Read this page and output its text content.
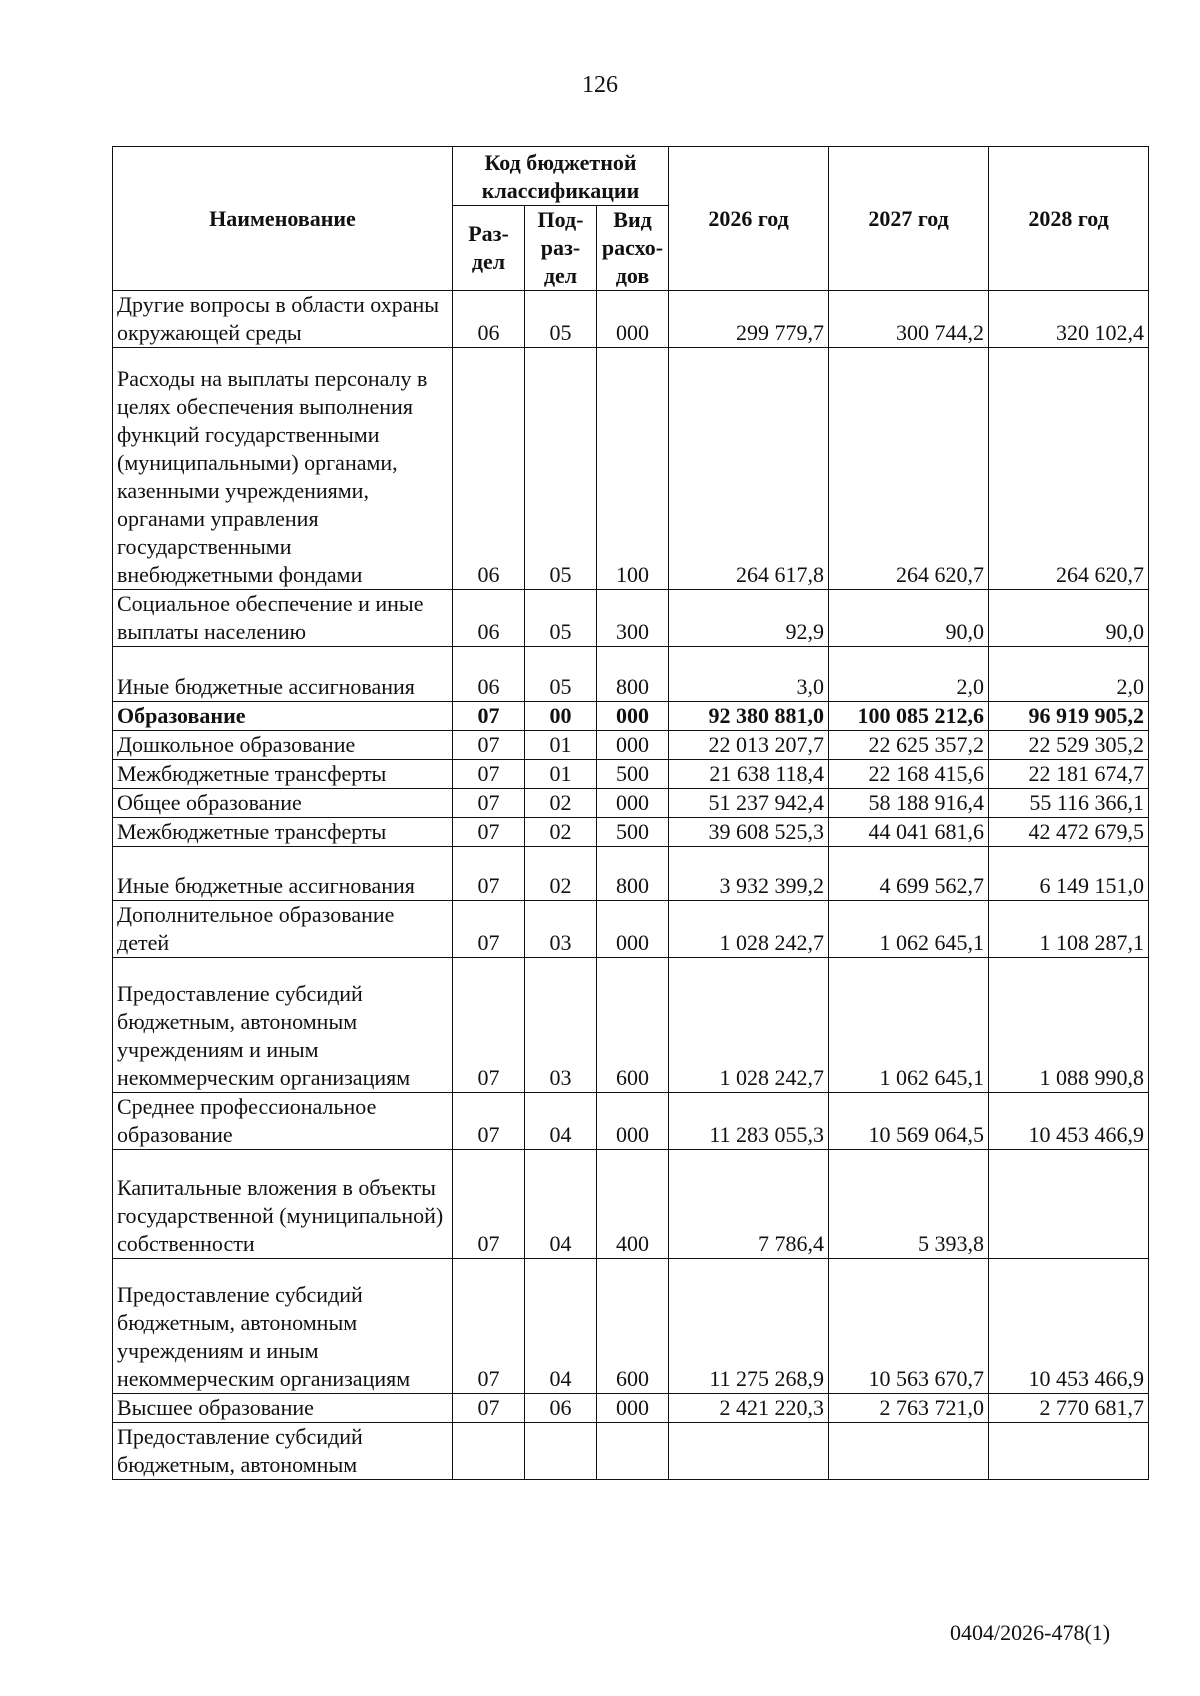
126
Наименование	Код бюджетной классификации			2026 год	2027 год	2028 год
	Раз-дел	Под-раз-дел	Вид расхо-дов			
Другие вопросы в области охраны окружающей среды	06	05	000	299 779,7	300 744,2	320 102,4
Расходы на выплаты персоналу в целях обеспечения выполнения функций государственными (муниципальными) органами, казенными учреждениями, органами управления государственными внебюджетными фондами	06	05	100	264 617,8	264 620,7	264 620,7
Социальное обеспечение и иные выплаты населению	06	05	300	92,9	90,0	90,0
Иные бюджетные ассигнования	06	05	800	3,0	2,0	2,0
Образование	07	00	000	92 380 881,0	100 085 212,6	96 919 905,2
Дошкольное образование	07	01	000	22 013 207,7	22 625 357,2	22 529 305,2
Межбюджетные трансферты	07	01	500	21 638 118,4	22 168 415,6	22 181 674,7
Общее образование	07	02	000	51 237 942,4	58 188 916,4	55 116 366,1
Межбюджетные трансферты	07	02	500	39 608 525,3	44 041 681,6	42 472 679,5
Иные бюджетные ассигнования	07	02	800	3 932 399,2	4 699 562,7	6 149 151,0
Дополнительное образование детей	07	03	000	1 028 242,7	1 062 645,1	1 108 287,1
Предоставление субсидий бюджетным, автономным учреждениям и иным некоммерческим организациям	07	03	600	1 028 242,7	1 062 645,1	1 088 990,8
Среднее профессиональное образование	07	04	000	11 283 055,3	10 569 064,5	10 453 466,9
Капитальные вложения в объекты государственной (муниципальной) собственности	07	04	400	7 786,4	5 393,8	
Предоставление субсидий бюджетным, автономным учреждениям и иным некоммерческим организациям	07	04	600	11 275 268,9	10 563 670,7	10 453 466,9
Высшее образование	07	06	000	2 421 220,3	2 763 721,0	2 770 681,7
Предоставление субсидий бюджетным, автономным						
0404/2026-478(1)
